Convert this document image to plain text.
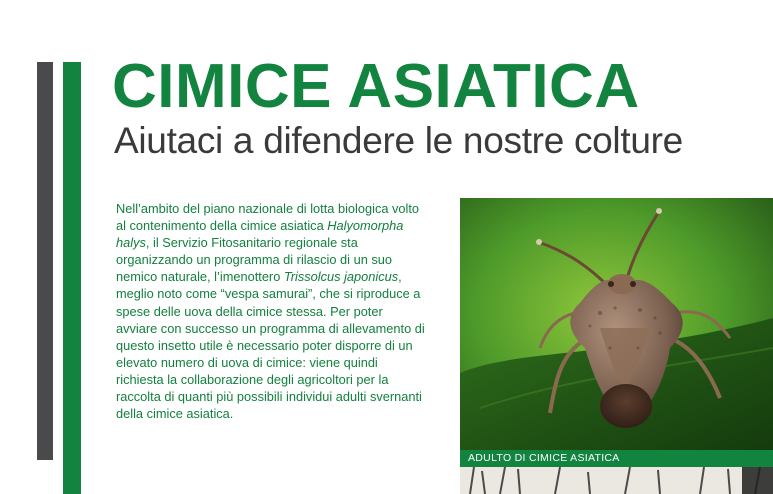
CIMICE ASIATICA
Aiutaci a difendere le nostre colture

Nell’ambito del piano nazionale di lotta biologica volto al contenimento della cimice asiatica Halyomorpha halys, il Servizio Fitosanitario regionale sta organizzando un programma di rilascio di un suo nemico naturale, l’imenottero Trissolcus japonicus, meglio noto come “vespa samurai”, che si riproduce a spese delle uova della cimice stessa. Per poter avviare con successo un programma di allevamento di questo insetto utile è necessario poter disporre di un elevato numero di uova di cimice: viene quindi richiesta la collaborazione degli agricoltori per la raccolta di quanti più possibili individui adulti svernanti della cimice asiatica.

ADULTO DI CIMICE ASIATICA
